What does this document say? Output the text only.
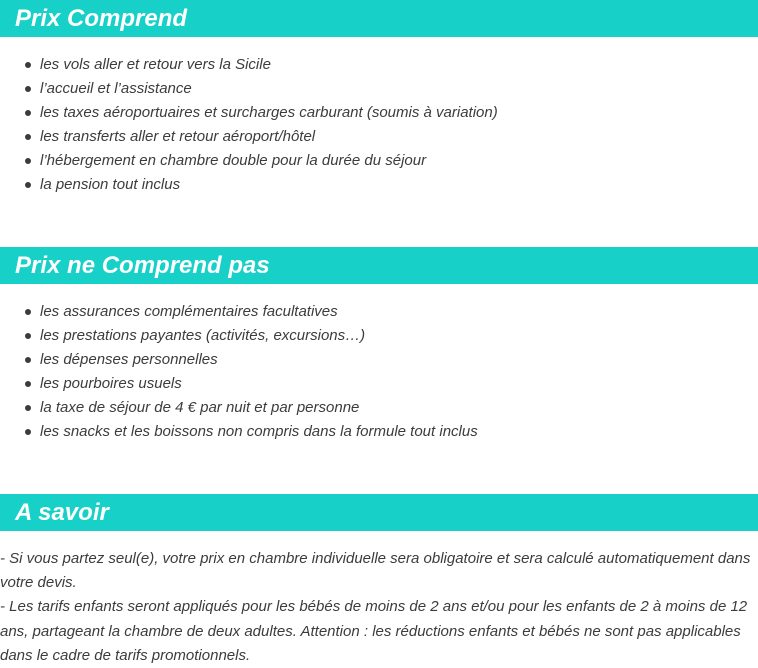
Prix Comprend
les vols aller et retour vers la Sicile
l’accueil et l’assistance
les taxes aéroportuaires et surcharges carburant (soumis à variation)
les transferts aller et retour aéroport/hôtel
l’hébergement en chambre double pour la durée du séjour
la pension tout inclus
Prix ne Comprend pas
les assurances complémentaires facultatives
les prestations payantes (activités, excursions…)
les dépenses personnelles
les pourboires usuels
la taxe de séjour de 4 € par nuit et par personne
les snacks et les boissons non compris dans la formule tout inclus
A savoir

- Si vous partez seul(e), votre prix en chambre individuelle sera obligatoire et sera calculé automatiquement dans votre devis.

- Les tarifs enfants seront appliqués pour les bébés de moins de 2 ans et/ou pour les enfants de 2 à moins de 12 ans, partageant la chambre de deux adultes. Attention : les réductions enfants et bébés ne sont pas applicables dans le cadre de tarifs promotionnels.
